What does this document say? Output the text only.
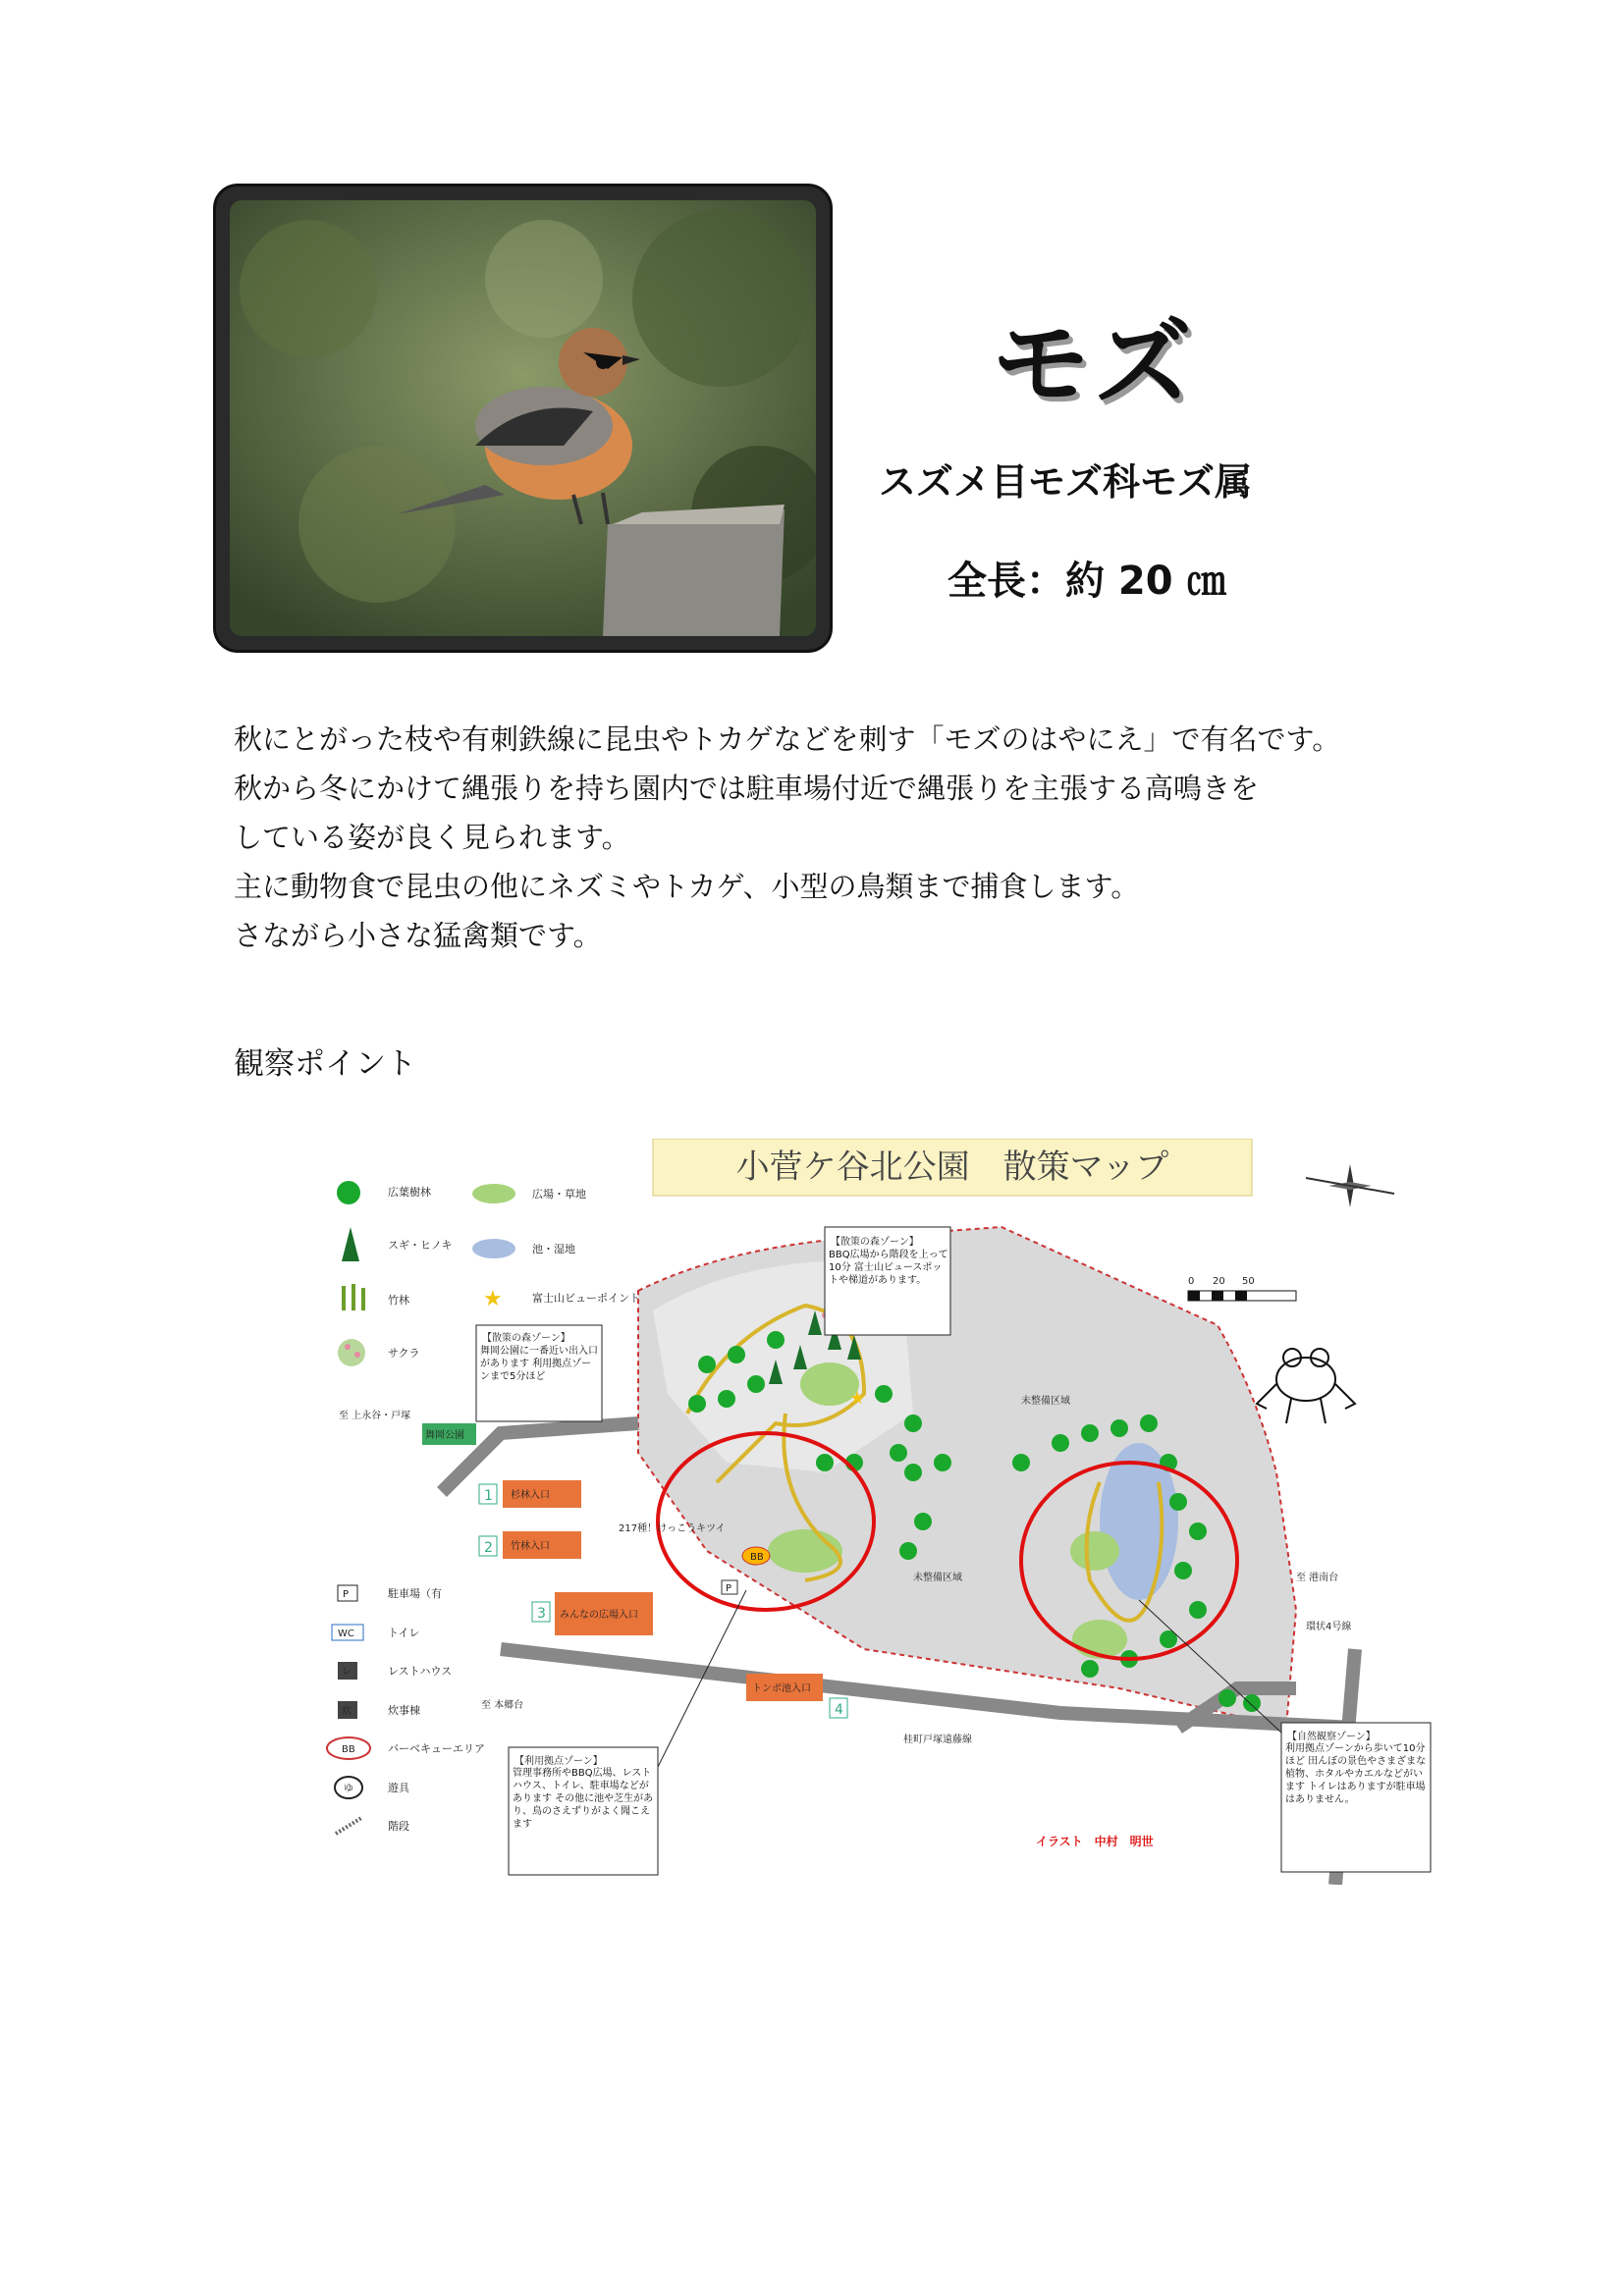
モズ
スズメ目モズ科モズ属
全長：約 20 ㎝

秋にとがった枝や有刺鉄線に昆虫やトカゲなどを刺す「モズのはやにえ」で有名です。

秋から冬にかけて縄張りを持ち園内では駐車場付近で縄張りを主張する高鳴きを

している姿が良く見られます。

主に動物食で昆虫の他にネズミやトカゲ、小型の鳥類まで捕食します。

さながら小さな猛禽類です。

観察ポイント
小菅ケ谷北公園　散策マップ
0 20 50
★
BB
P
217種！けっこうキツイ
至 上永谷・戸塚
舞岡公園
至 本郷台
至 港南台
未整備区域
未整備区域
環状4号線
桂町戸塚遠藤線
広葉樹林
スギ・ヒノキ
竹林
サクラ
広場・草地
池・湿地
★	富士山ビューポイント
P	駐車場（有
WC	トイレ
レ	レストハウス
炊	炊事棟
BB	バーベキューエリア
ゆ	遊具
階段
1 杉林入口
2 竹林入口
3 みんなの広場入口
4
トンボ池入口
【散策の森ゾーン】
BBQ広場から階段を上って10分 富士山ビュースポットや梯道があります。
【散策の森ゾーン】
舞岡公園に一番近い出入口があります 利用拠点ゾーンまで5分ほど
【利用拠点ゾーン】
管理事務所やBBQ広場、レストハウス、トイレ、駐車場などがあります その他に池や芝生があり、鳥のさえずりがよく聞こえます
【自然観察ゾーン】
利用拠点ゾーンから歩いて10分ほど 田んぼの景色やさまざまな植物、ホタルやカエルなどがいます トイレはありますが駐車場はありません。
イラスト　中村　明世
